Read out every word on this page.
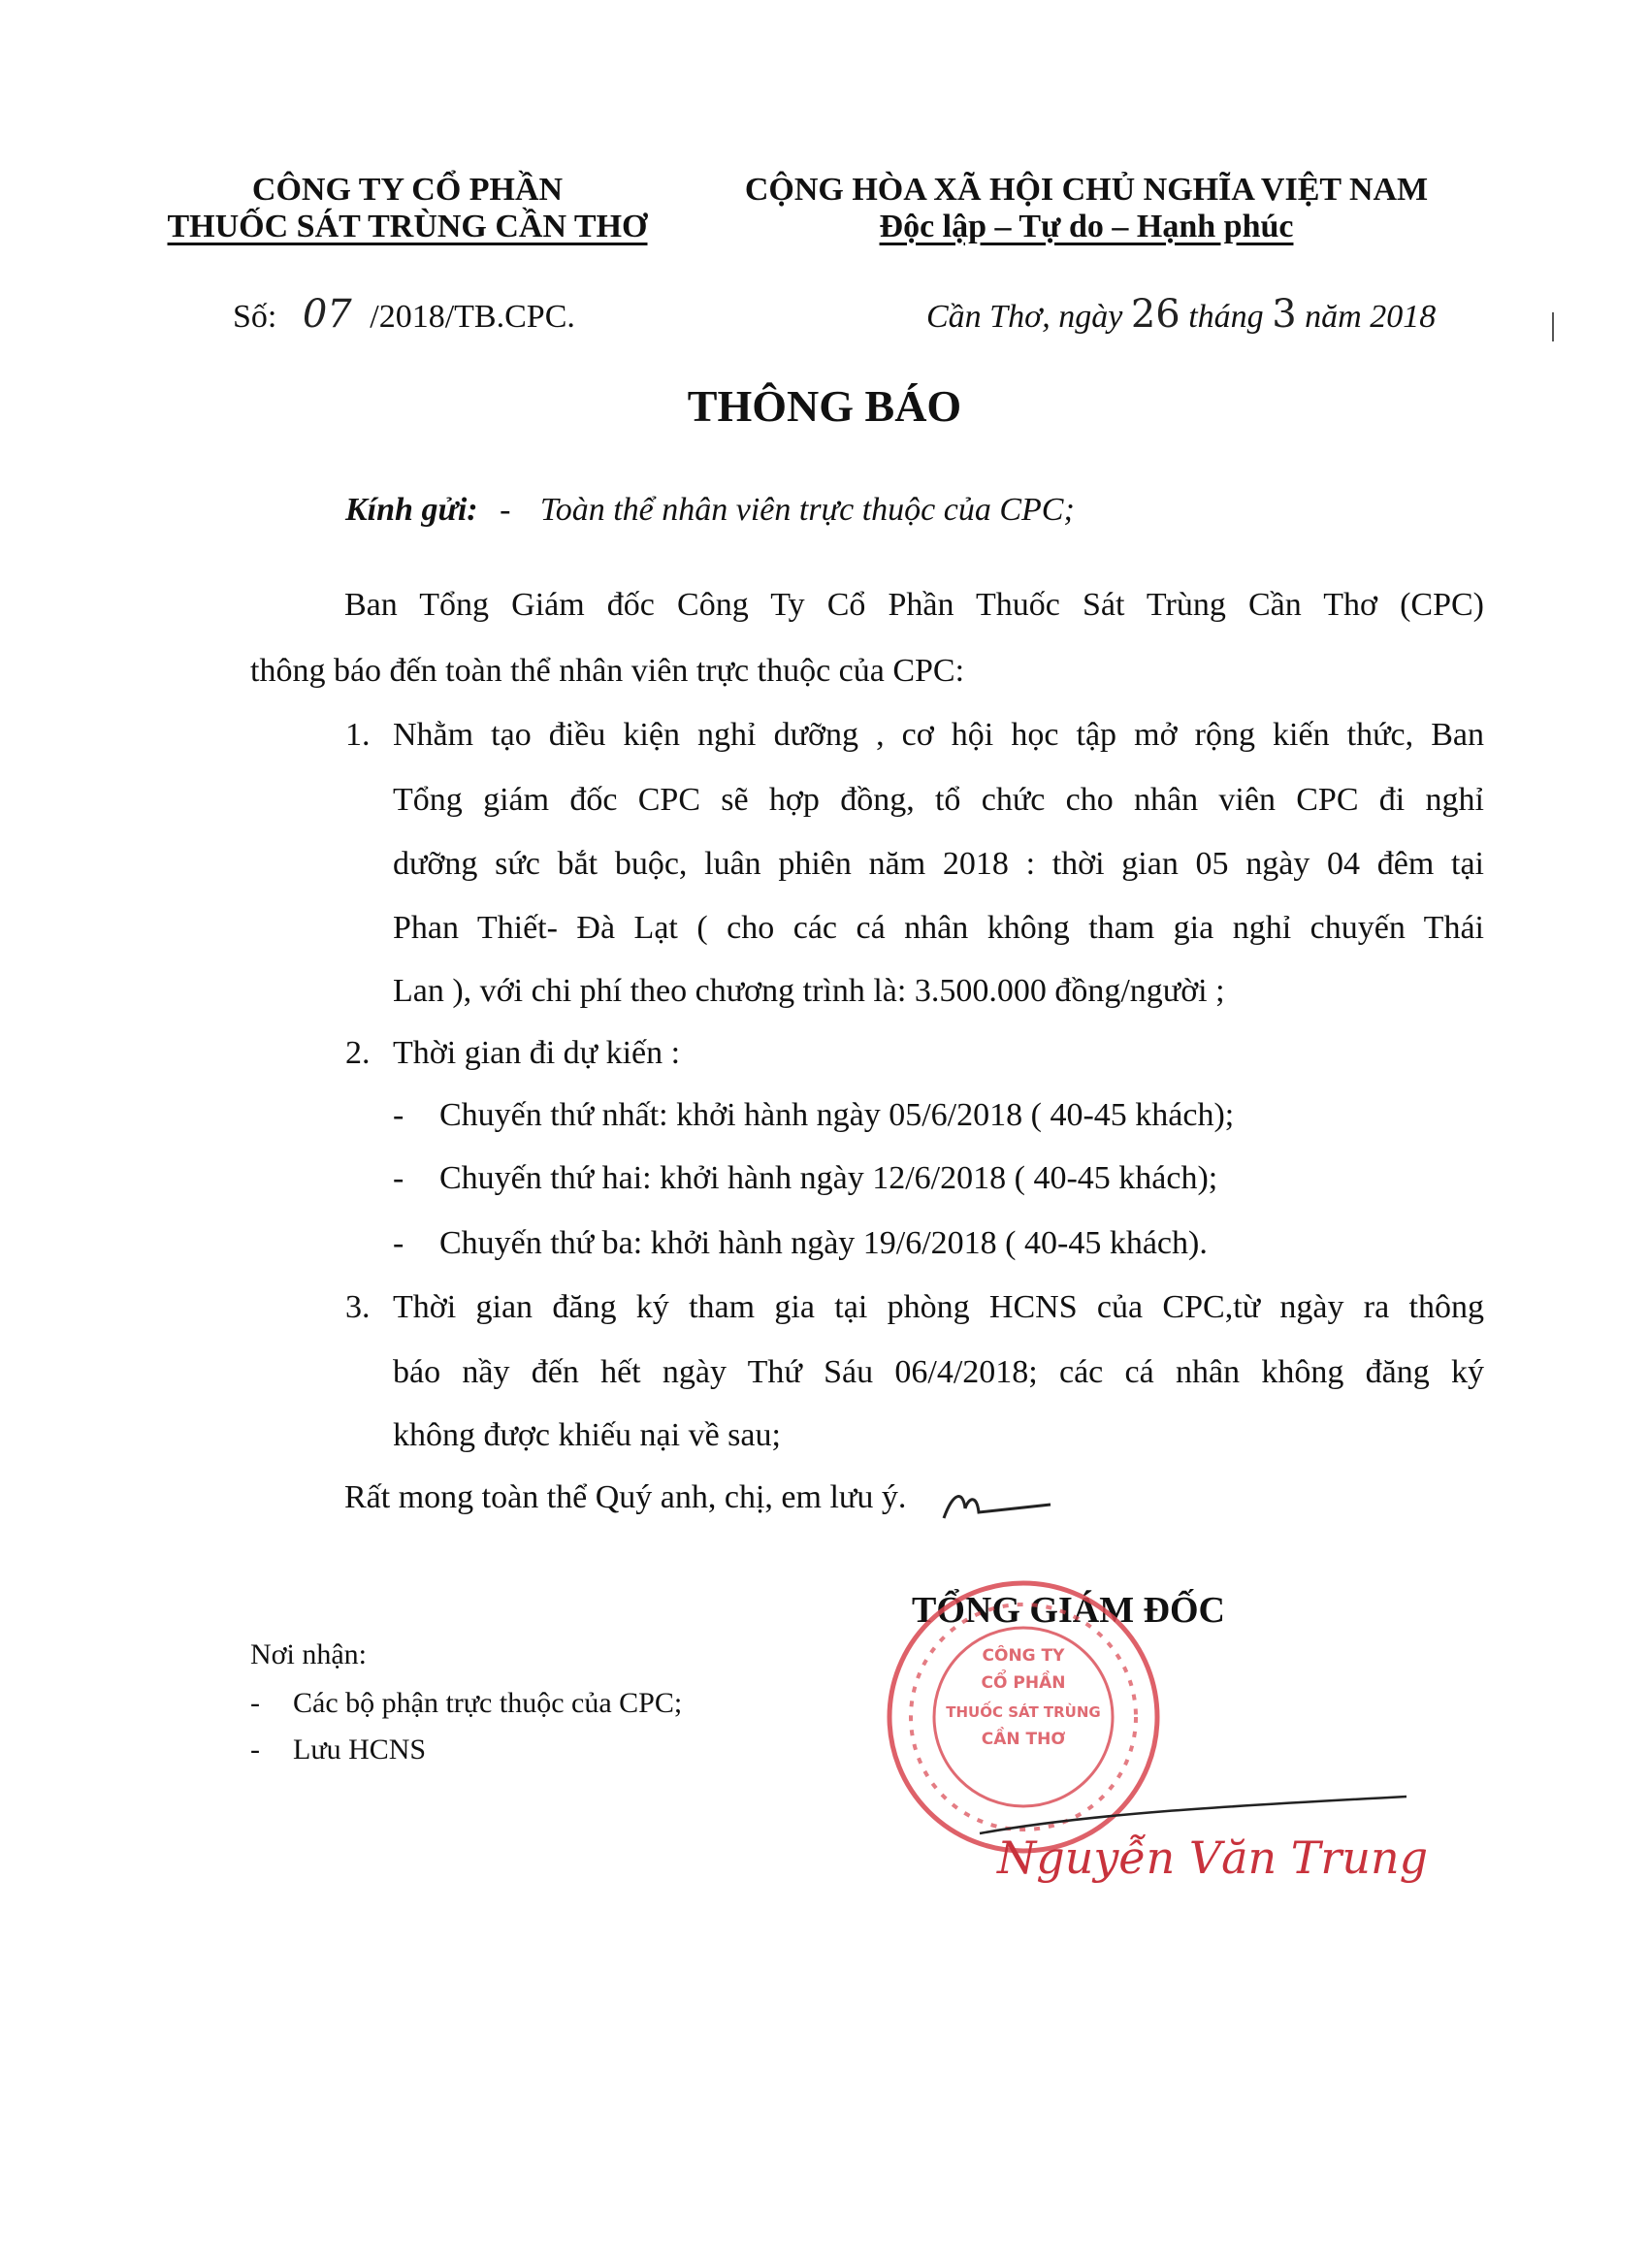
CÔNG TY CỔ PHẦN
THUỐC SÁT TRÙNG CẦN THƠ
CỘNG HÒA XÃ HỘI CHỦ NGHĨA VIỆT NAM
Độc lập – Tự do – Hạnh phúc
Số: 07 /2018/TB.CPC.	Cần Thơ, ngày 26 tháng 3 năm 2018
THÔNG BÁO
Kính gửi: - Toàn thể nhân viên trực thuộc của CPC;
Ban Tổng Giám đốc Công Ty Cổ Phần Thuốc Sát Trùng Cần Thơ (CPC)
thông báo đến toàn thể nhân viên trực thuộc của CPC:
1. Nhằm tạo điều kiện nghỉ dưỡng , cơ hội học tập mở rộng kiến thức, Ban
Tổng giám đốc CPC sẽ hợp đồng, tổ chức cho nhân viên CPC đi nghỉ
dưỡng sức bắt buộc, luân phiên năm 2018 : thời gian 05 ngày 04 đêm tại
Phan Thiết- Đà Lạt ( cho các cá nhân không tham gia nghỉ chuyến Thái
Lan ), với chi phí theo chương trình là: 3.500.000 đồng/người ;
2. Thời gian đi dự kiến :
- Chuyến thứ nhất: khởi hành ngày 05/6/2018 ( 40-45 khách);
- Chuyến thứ hai: khởi hành ngày 12/6/2018 ( 40-45 khách);
- Chuyến thứ ba: khởi hành ngày 19/6/2018 ( 40-45 khách).
3. Thời gian đăng ký tham gia tại phòng HCNS của CPC,từ ngày ra thông
báo nầy đến hết ngày Thứ Sáu 06/4/2018; các cá nhân không đăng ký
không được khiếu nại về sau;
Rất mong toàn thể Quý anh, chị, em lưu ý.
TỔNG GIÁM ĐỐC
CÔNG TY
CỔ PHẦN
THUỐC SÁT TRÙNG
CẦN THƠ
Nguyễn Văn Trung
Nơi nhận:
- Các bộ phận trực thuộc của CPC;
- Lưu HCNS
